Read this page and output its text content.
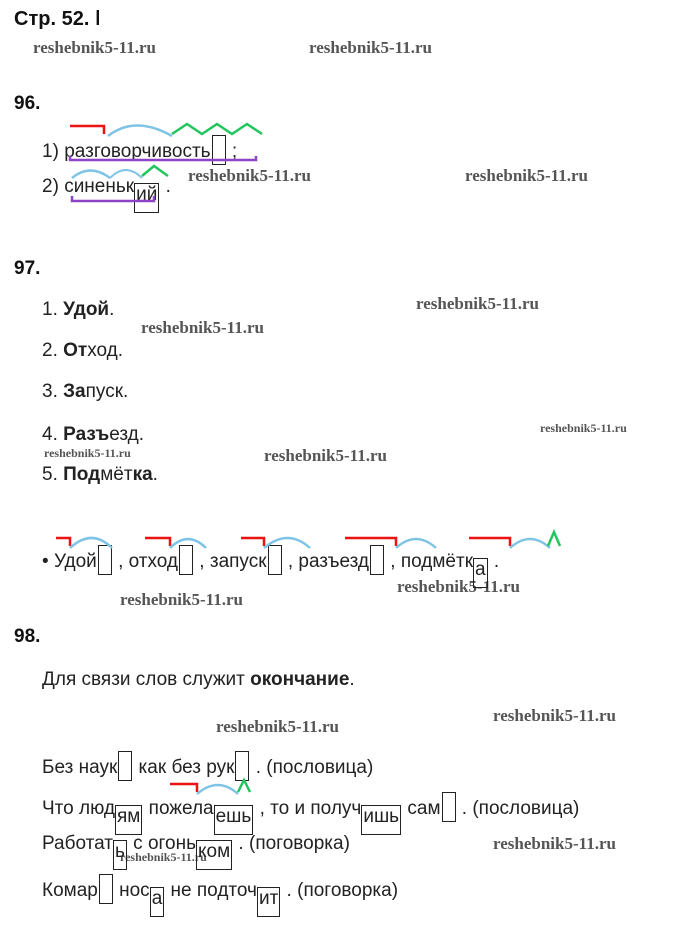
Стр. 52. ǀ
reshebnik5-11.ru	reshebnik5-11.ru
reshebnik5-11.ru	reshebnik5-11.ru
reshebnik5-11.ru
reshebnik5-11.ru
reshebnik5-11.ru
reshebnik5-11.ru	reshebnik5-11.ru
reshebnik5-11.ru
reshebnik5-11.ru
reshebnik5-11.ru
reshebnik5-11.ru
reshebnik5-11.ru
reshebnik5-11.ru
96.
1) разговорчивость ;
2) синеньк ий .
97.
1. Удой.
2. Отход.
3. Запуск.
4. Разъезд.
5. Подмётка.
• Удой , отход , запуск , разъезд , подмётк а .
98.
Для связи слов служит окончание.
Без наук как без рук . (пословица)
Что люд ям пожела ешь , то и получ ишь сам . (пословица)
Работат ь с огонь ком . (поговорка)
Комар нос а не подточ ит . (поговорка)
